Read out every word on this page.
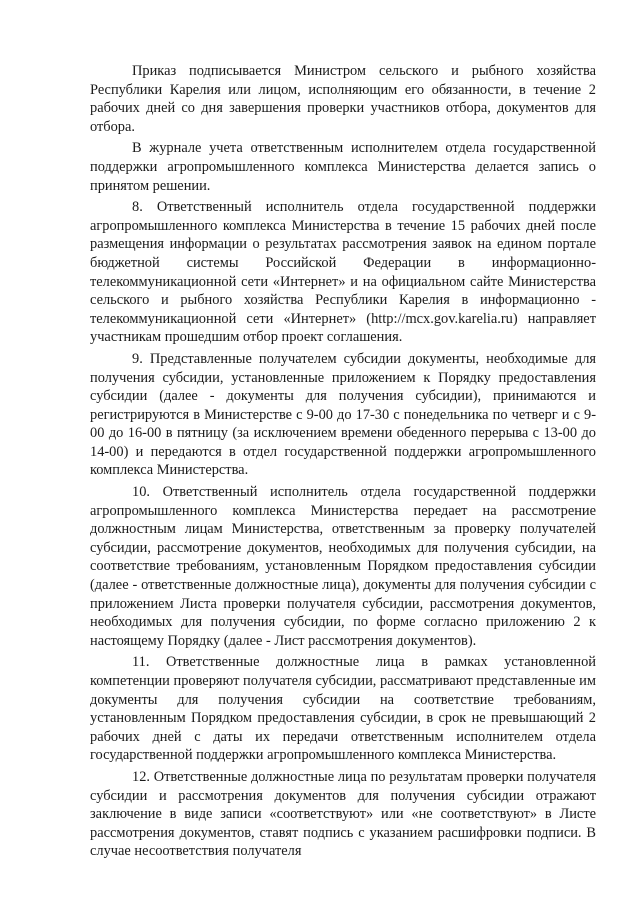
Приказ подписывается Министром сельского и рыбного хозяйства Республики Карелия или лицом, исполняющим его обязанности, в течение 2 рабочих дней со дня завершения проверки участников отбора, документов для отбора.

В журнале учета ответственным исполнителем отдела государственной поддержки агропромышленного комплекса Министерства делается запись о принятом решении.

8. Ответственный исполнитель отдела государственной поддержки агропромышленного комплекса Министерства в течение 15 рабочих дней после размещения информации о результатах рассмотрения заявок на едином портале бюджетной системы Российской Федерации в информационно-телекоммуникационной сети «Интернет» и на официальном сайте Министерства сельского и рыбного хозяйства Республики Карелия в информационно - телекоммуникационной сети «Интернет» (http://mcx.gov.karelia.ru) направляет участникам прошедшим отбор проект соглашения.

9. Представленные получателем субсидии документы, необходимые для получения субсидии, установленные приложением к Порядку предоставления субсидии (далее - документы для получения субсидии), принимаются и регистрируются в Министерстве с 9-00 до 17-30 с понедельника по четверг и с 9-00 до 16-00 в пятницу (за исключением времени обеденного перерыва с 13-00 до 14-00) и передаются в отдел государственной поддержки агропромышленного комплекса Министерства.

10. Ответственный исполнитель отдела государственной поддержки агропромышленного комплекса Министерства передает на рассмотрение должностным лицам Министерства, ответственным за проверку получателей субсидии, рассмотрение документов, необходимых для получения субсидии, на соответствие требованиям, установленным Порядком предоставления субсидии (далее - ответственные должностные лица), документы для получения субсидии с приложением Листа проверки получателя субсидии, рассмотрения документов, необходимых для получения субсидии, по форме согласно приложению 2 к настоящему Порядку (далее - Лист рассмотрения документов).

11. Ответственные должностные лица в рамках установленной компетенции проверяют получателя субсидии, рассматривают представленные им документы для получения субсидии на соответствие требованиям, установленным Порядком предоставления субсидии, в срок не превышающий 2 рабочих дней с даты их передачи ответственным исполнителем отдела государственной поддержки агропромышленного комплекса Министерства.

12. Ответственные должностные лица по результатам проверки получателя субсидии и рассмотрения документов для получения субсидии отражают заключение в виде записи «соответствуют» или «не соответствуют» в Листе рассмотрения документов, ставят подпись с указанием расшифровки подписи. В случае несоответствия получателя
